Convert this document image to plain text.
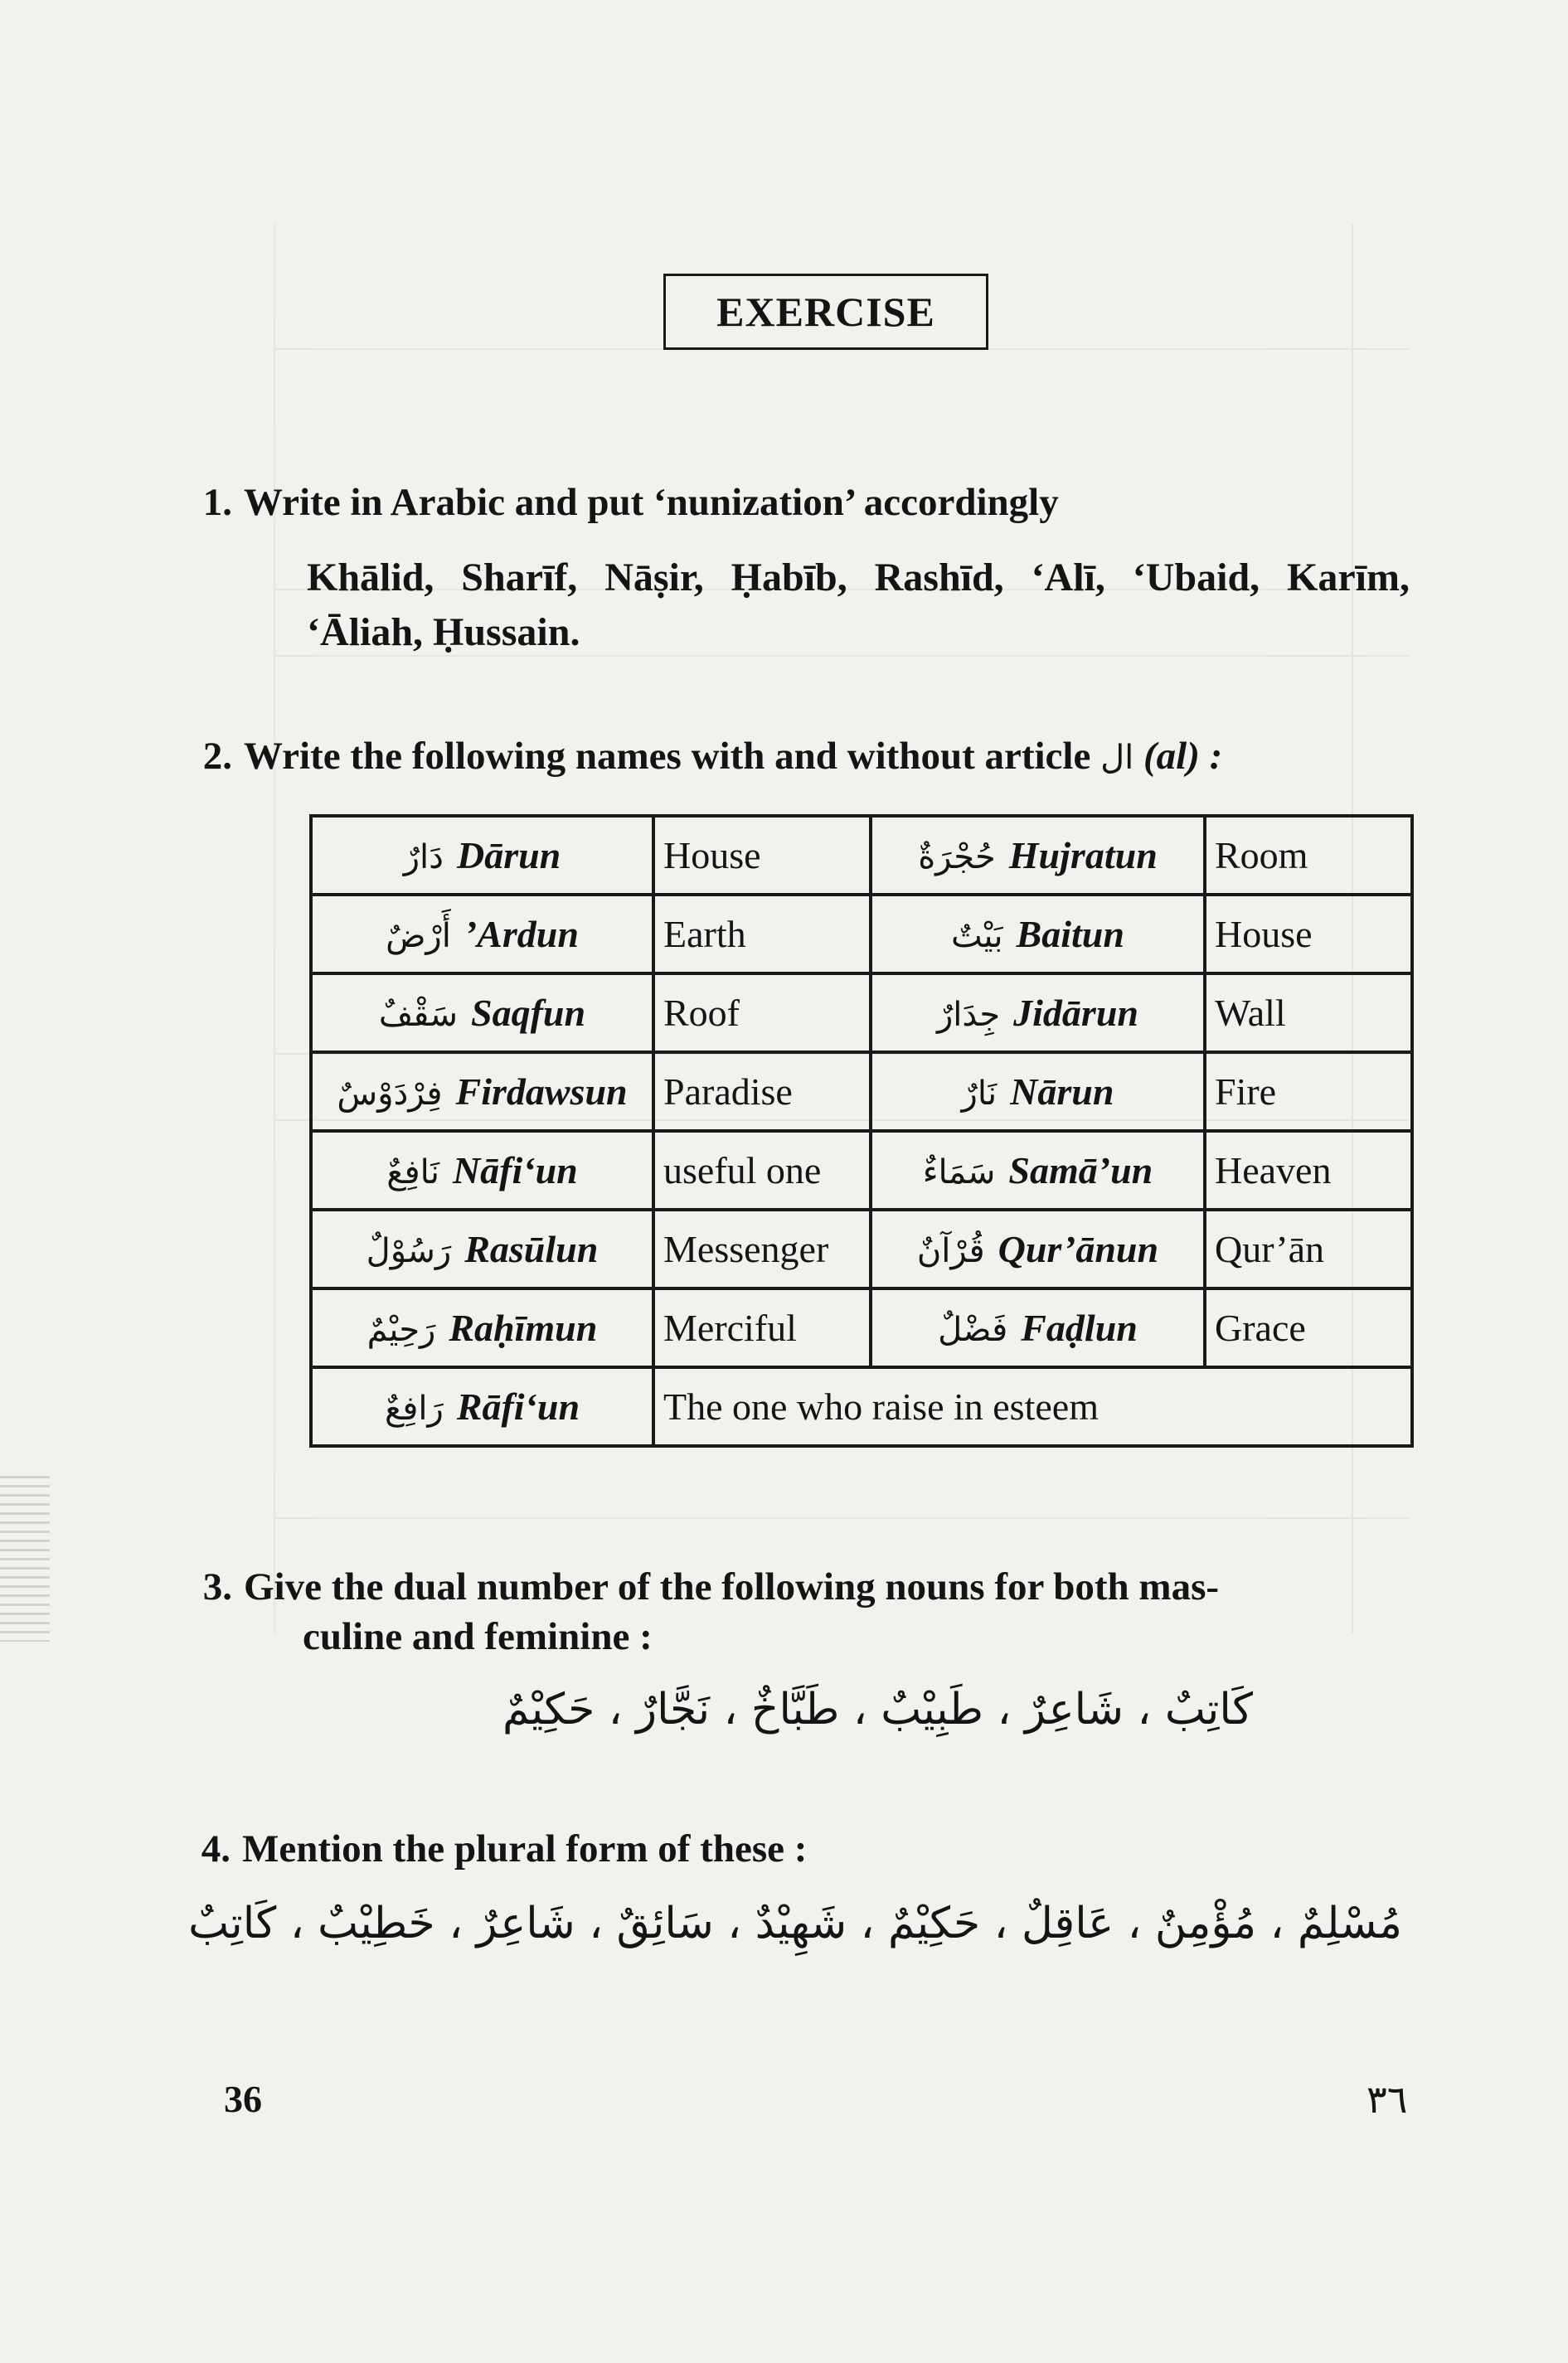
EXERCISE
1. Write in Arabic and put ‘nunization’ accordingly
Khālid, Sharīf, Nāṣir, Ḥabīb, Rashīd, ‘Alī, ‘Ubaid, Karīm, ‘Āliah, Ḥussain.
2. Write the following names with and without article ال (al) :
دَارٌ Dārun	House	حُجْرَةٌ Hujratun	Room
أَرْضٌ ’Ardun	Earth	بَيْتٌ Baitun	House
سَقْفٌ Saqfun	Roof	جِدَارٌ Jidārun	Wall
فِرْدَوْسٌ Firdawsun	Paradise	نَارٌ Nārun	Fire
نَافِعٌ Nāfi‘un	useful one	سَمَاءٌ Samā’un	Heaven
رَسُوْلٌ Rasūlun	Messenger	قُرْآنٌ Qur’ānun	Qur’ān
رَحِيْمٌ Raḥīmun	Merciful	فَضْلٌ Faḍlun	Grace
رَافِعٌ Rāfi‘un	The one who raise in esteem		
3. Give the dual number of the following nouns for both mas-
culine and feminine :
كَاتِبٌ ، شَاعِرٌ ، طَبِيْبٌ ، طَبَّاخٌ ، نَجَّارٌ ، حَكِيْمٌ
4. Mention the plural form of these :
مُسْلِمٌ ، مُؤْمِنٌ ، عَاقِلٌ ، حَكِيْمٌ ، شَهِيْدٌ ، سَائِقٌ ، شَاعِرٌ ، خَطِيْبٌ ، كَاتِبٌ
36	٣٦
